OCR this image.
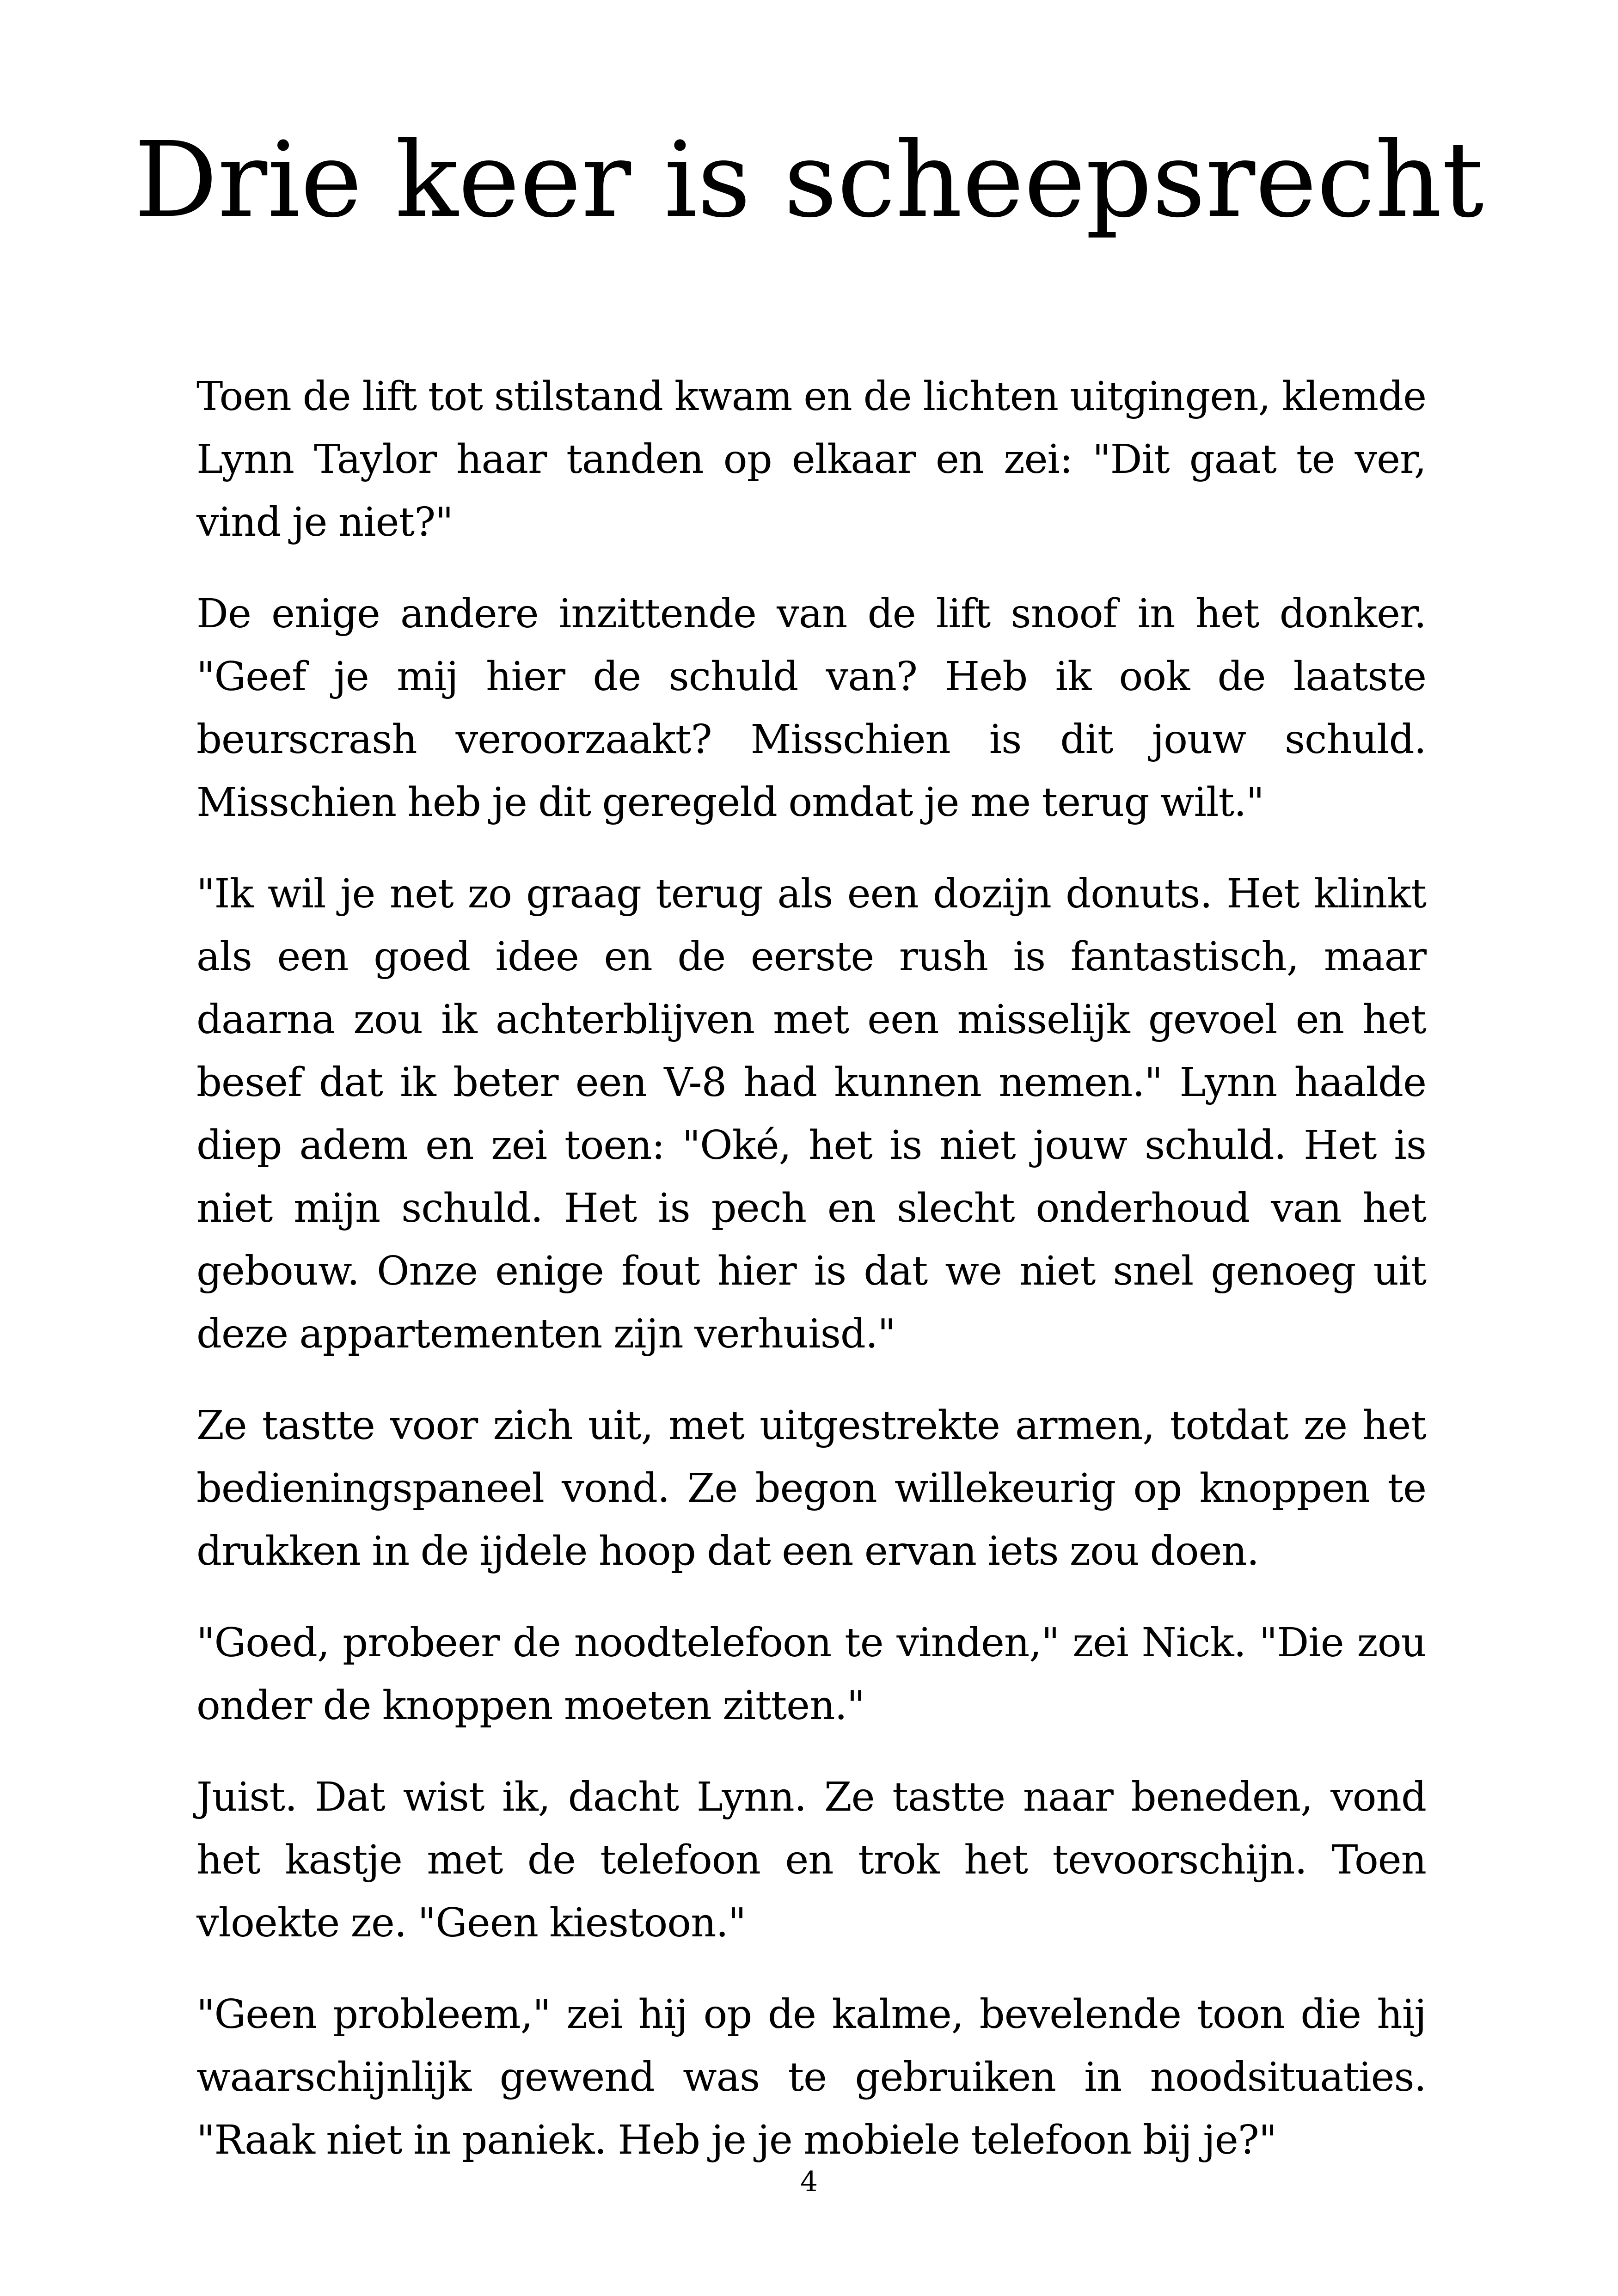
Drie keer is scheepsrecht

Toen de lift tot stilstand kwam en de lichten uitgingen, klemde Lynn Taylor haar tanden op elkaar en zei: "Dit gaat te ver, vind je niet?"

De enige andere inzittende van de lift snoof in het donker. "Geef je mij hier de schuld van? Heb ik ook de laatste beurscrash veroorzaakt? Misschien is dit jouw schuld. Misschien heb je dit geregeld omdat je me terug wilt."

"Ik wil je net zo graag terug als een dozijn donuts. Het klinkt als een goed idee en de eerste rush is fantastisch, maar daarna zou ik achterblijven met een misselijk gevoel en het besef dat ik beter een V-8 had kunnen nemen." Lynn haalde diep adem en zei toen: "Oké, het is niet jouw schuld. Het is niet mijn schuld. Het is pech en slecht onderhoud van het gebouw. Onze enige fout hier is dat we niet snel genoeg uit deze appartementen zijn verhuisd."

Ze tastte voor zich uit, met uitgestrekte armen, totdat ze het bedieningspaneel vond. Ze begon willekeurig op knoppen te drukken in de ijdele hoop dat een ervan iets zou doen.

"Goed, probeer de noodtelefoon te vinden," zei Nick. "Die zou onder de knoppen moeten zitten."

Juist. Dat wist ik, dacht Lynn. Ze tastte naar beneden, vond het kastje met de telefoon en trok het tevoorschijn. Toen vloekte ze. "Geen kiestoon."

"Geen probleem," zei hij op de kalme, bevelende toon die hij waarschijnlijk gewend was te gebruiken in noodsituaties. "Raak niet in paniek. Heb je je mobiele telefoon bij je?"

4
